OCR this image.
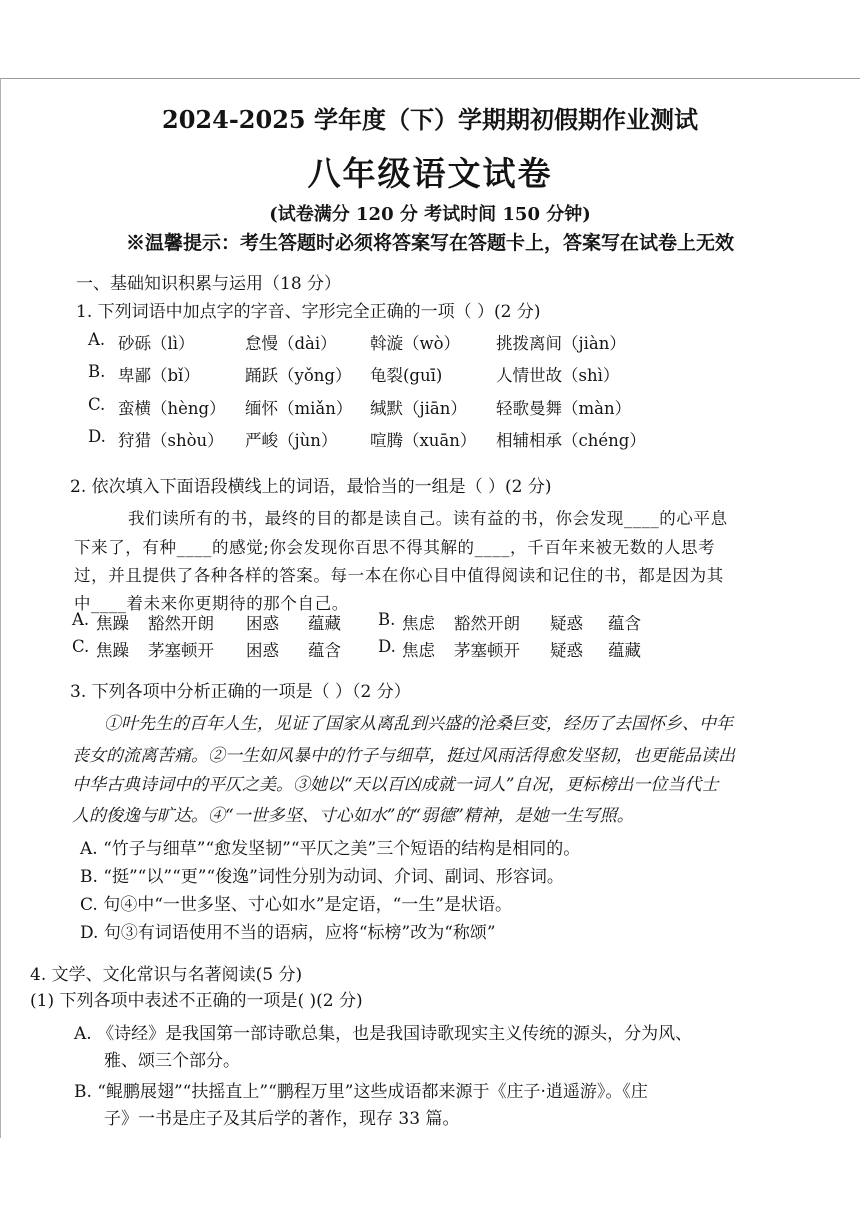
2024-2025 学年度（下）学期期初假期作业测试
八年级语文试卷
(试卷满分 120 分 考试时间 150 分钟)
※温馨提示：考生答题时必须将答案写在答题卡上，答案写在试卷上无效
一、基础知识积累与运用（18 分）
1. 下列词语中加点字的字音、字形完全正确的一项（ ）(2 分)
A. 砂砾（lì）	怠慢（dài） 斡漩（wò） 挑拨离间（jiàn）
B. 卑鄙（bǐ）	踊跃（yǒng） 龟裂(guī)	人情世故（shì）
C. 蛮横（hèng） 缅怀（miǎn） 缄默（jiān） 轻歌曼舞（màn）
D. 狩猎（shòu） 严峻（jùn） 喧腾（xuān） 相辅相承（chéng）
2. 依次填入下面语段横线上的词语，最恰当的一组是（ ）(2 分)
我们读所有的书，最终的目的都是读自己。读有益的书，你会发现____的心平息
下来了，有种____的感觉;你会发现你百思不得其解的____，千百年来被无数的人思考
过，并且提供了各种各样的答案。每一本在你心目中值得阅读和记住的书，都是因为其
中____着未来你更期待的那个自己。
A. 焦躁 豁然开朗 困惑 蕴藏 B. 焦虑 豁然开朗 疑惑 蕴含
C. 焦躁 茅塞顿开 困惑 蕴含 D. 焦虑 茅塞顿开 疑惑 蕴藏
3. 下列各项中分析正确的一项是（ ）（2 分）
①叶先生的百年人生，见证了国家从离乱到兴盛的沧桑巨变，经历了去国怀乡、中年
丧女的流离苦痛。②一生如风暴中的竹子与细草，挺过风雨活得愈发坚韧，也更能品读出
中华古典诗词中的平仄之美。③她以“天以百凶成就一词人”自况，更标榜出一位当代士
人的俊逸与旷达。④“一世多坚、寸心如水”的“弱德”精神，是她一生写照。
A. “竹子与细草”“愈发坚韧”“平仄之美”三个短语的结构是相同的。
B. “挺”“以”“更”“俊逸”词性分别为动词、介词、副词、形容词。
C. 句④中“一世多坚、寸心如水”是定语，“一生”是状语。
D. 句③有词语使用不当的语病，应将“标榜”改为“称颂”
4. 文学、文化常识与名著阅读(5 分)
(1) 下列各项中表述不正确的一项是( )(2 分)
A. 《诗经》是我国第一部诗歌总集，也是我国诗歌现实主义传统的源头，分为风、
雅、颂三个部分。
B. “鲲鹏展翅”“扶摇直上”“鹏程万里”这些成语都来源于《庄子·逍遥游》。《庄
子》一书是庄子及其后学的著作，现存 33 篇。
